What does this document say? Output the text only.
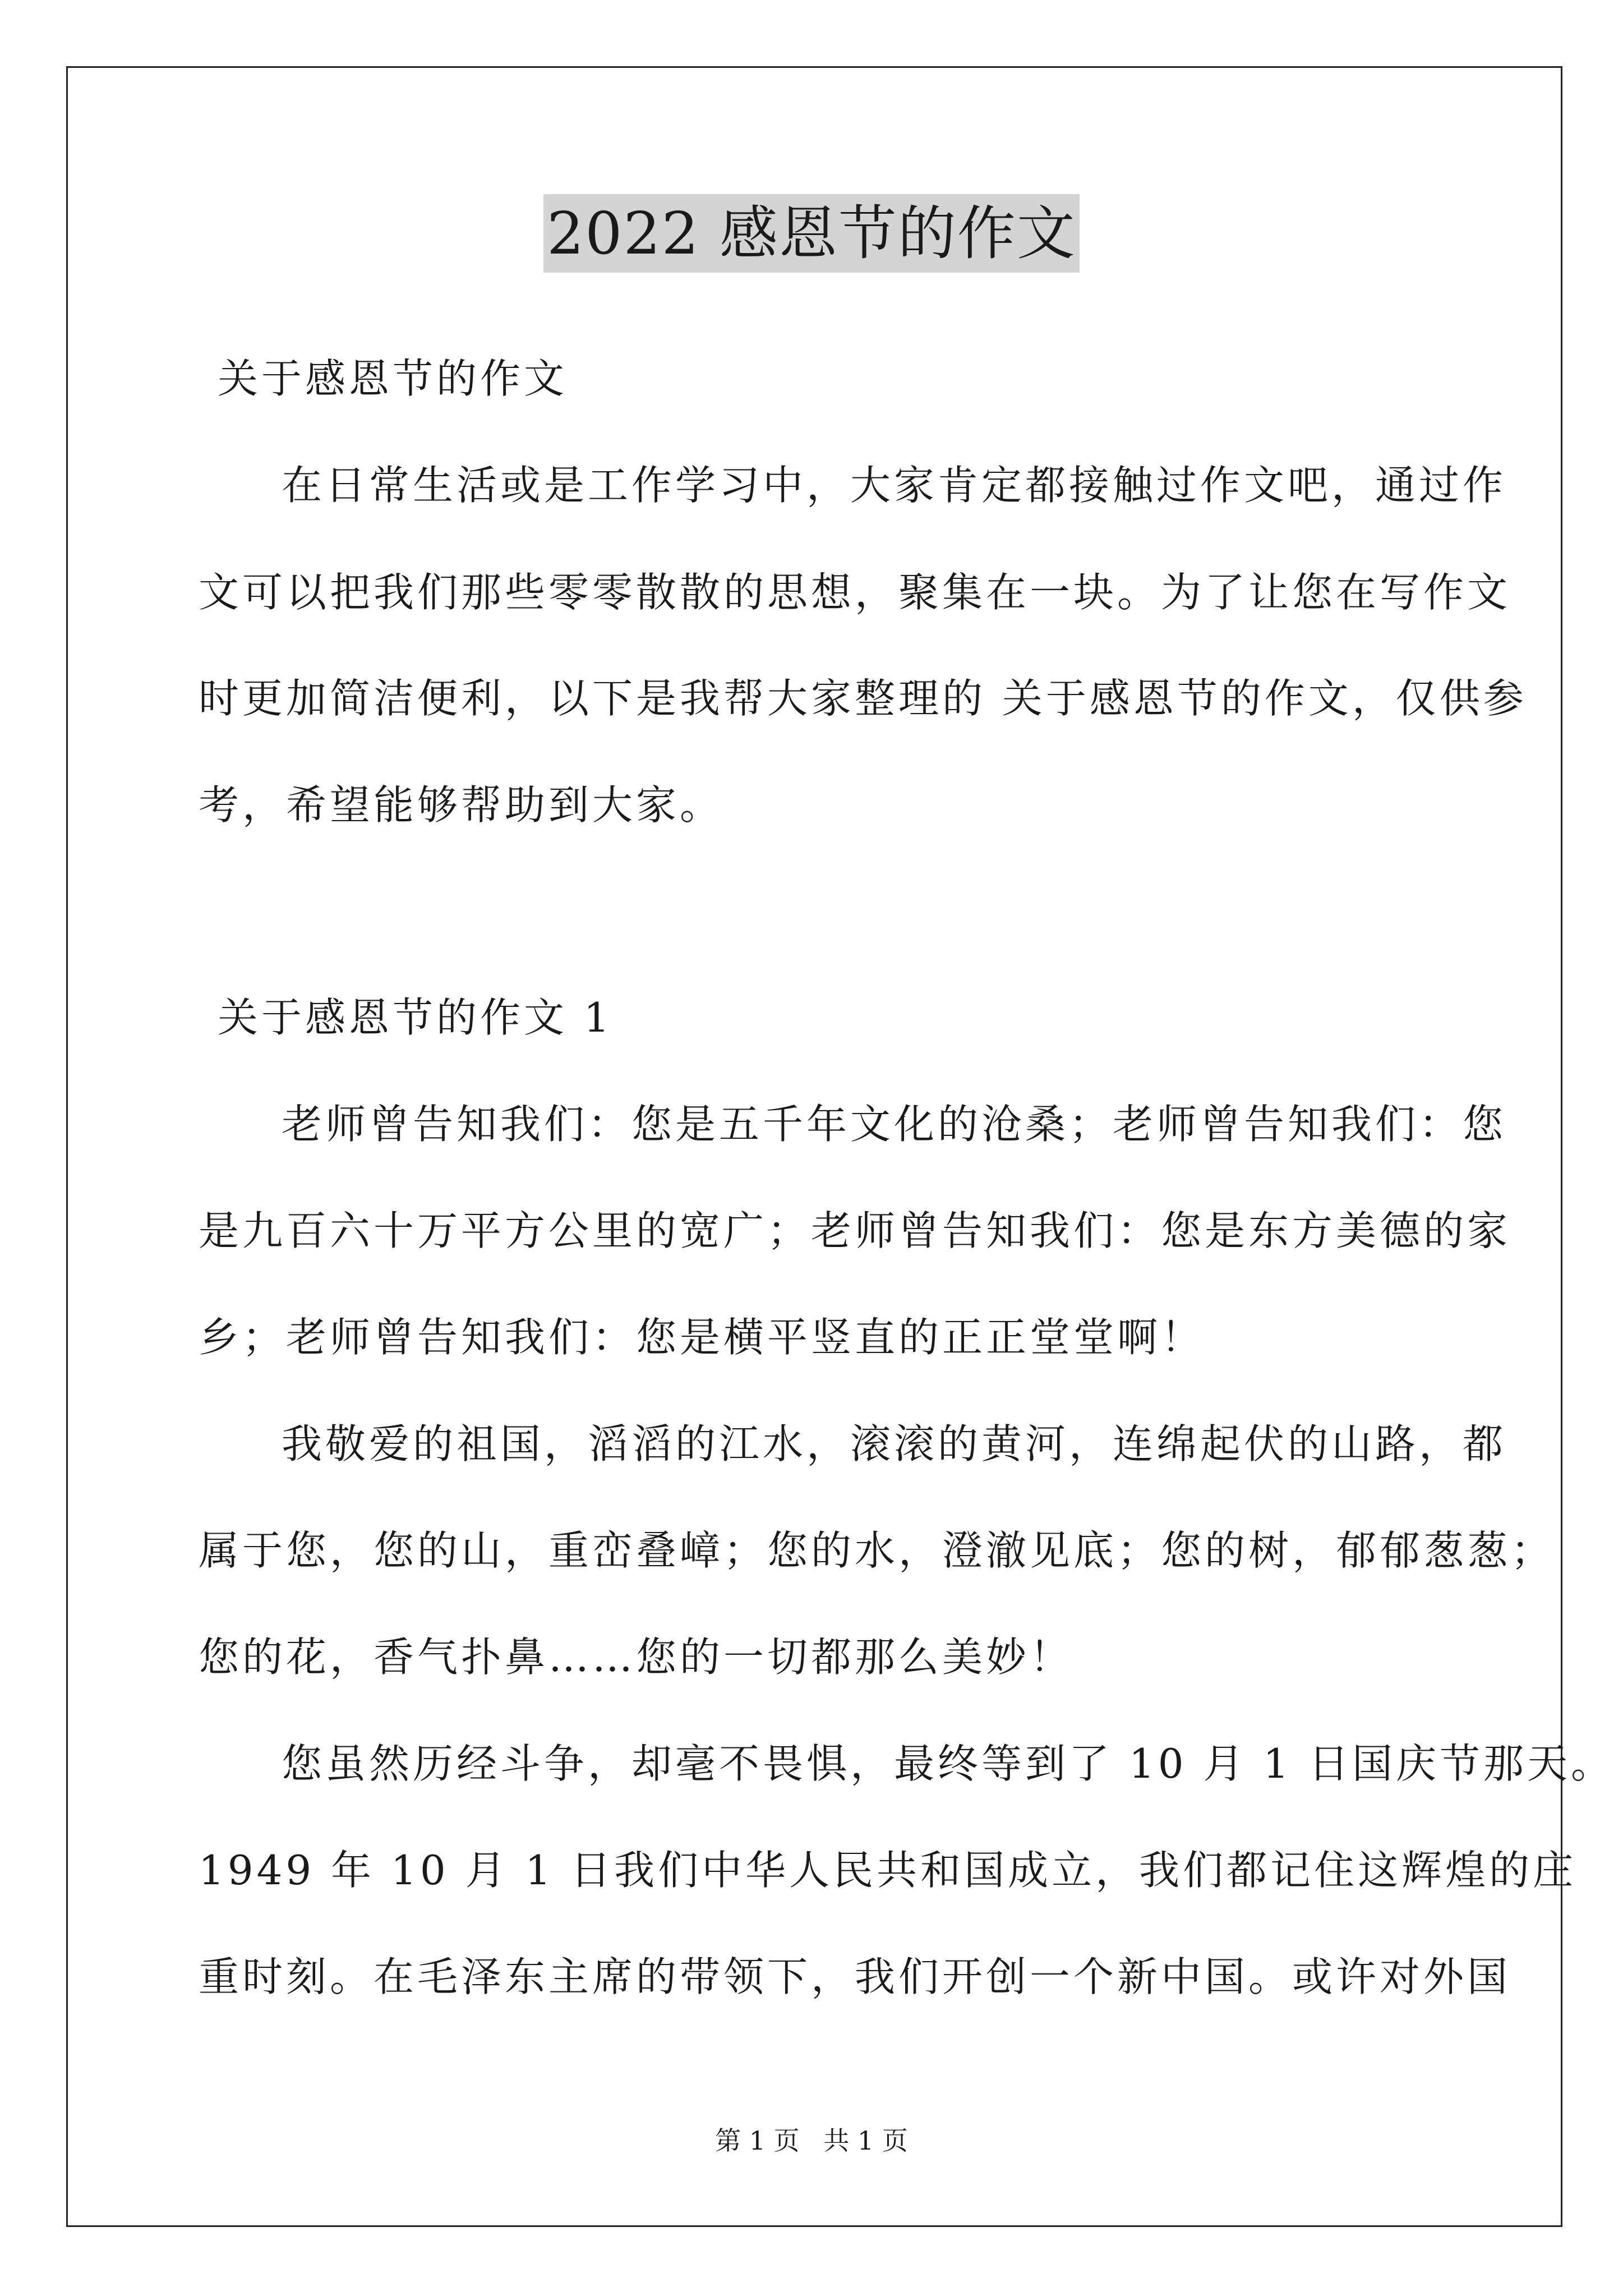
2022 感恩节的作文
关于感恩节的作文
在日常生活或是工作学习中，大家肯定都接触过作文吧，通过作
文可以把我们那些零零散散的思想，聚集在一块。为了让您在写作文
时更加简洁便利，以下是我帮大家整理的 关于感恩节的作文，仅供参
考，希望能够帮助到大家。
关于感恩节的作文 1
老师曾告知我们：您是五千年文化的沧桑；老师曾告知我们：您
是九百六十万平方公里的宽广；老师曾告知我们：您是东方美德的家
乡；老师曾告知我们：您是横平竖直的正正堂堂啊！
我敬爱的祖国，滔滔的江水，滚滚的黄河，连绵起伏的山路，都
属于您，您的山，重峦叠嶂；您的水，澄澈见底；您的树，郁郁葱葱；
您的花，香气扑鼻……您的一切都那么美妙！
您虽然历经斗争，却毫不畏惧，最终等到了 10 月 1 日国庆节那天。
1949 年 10 月 1 日我们中华人民共和国成立，我们都记住这辉煌的庄
重时刻。在毛泽东主席的带领下，我们开创一个新中国。或许对外国
第 1 页 共 1 页
